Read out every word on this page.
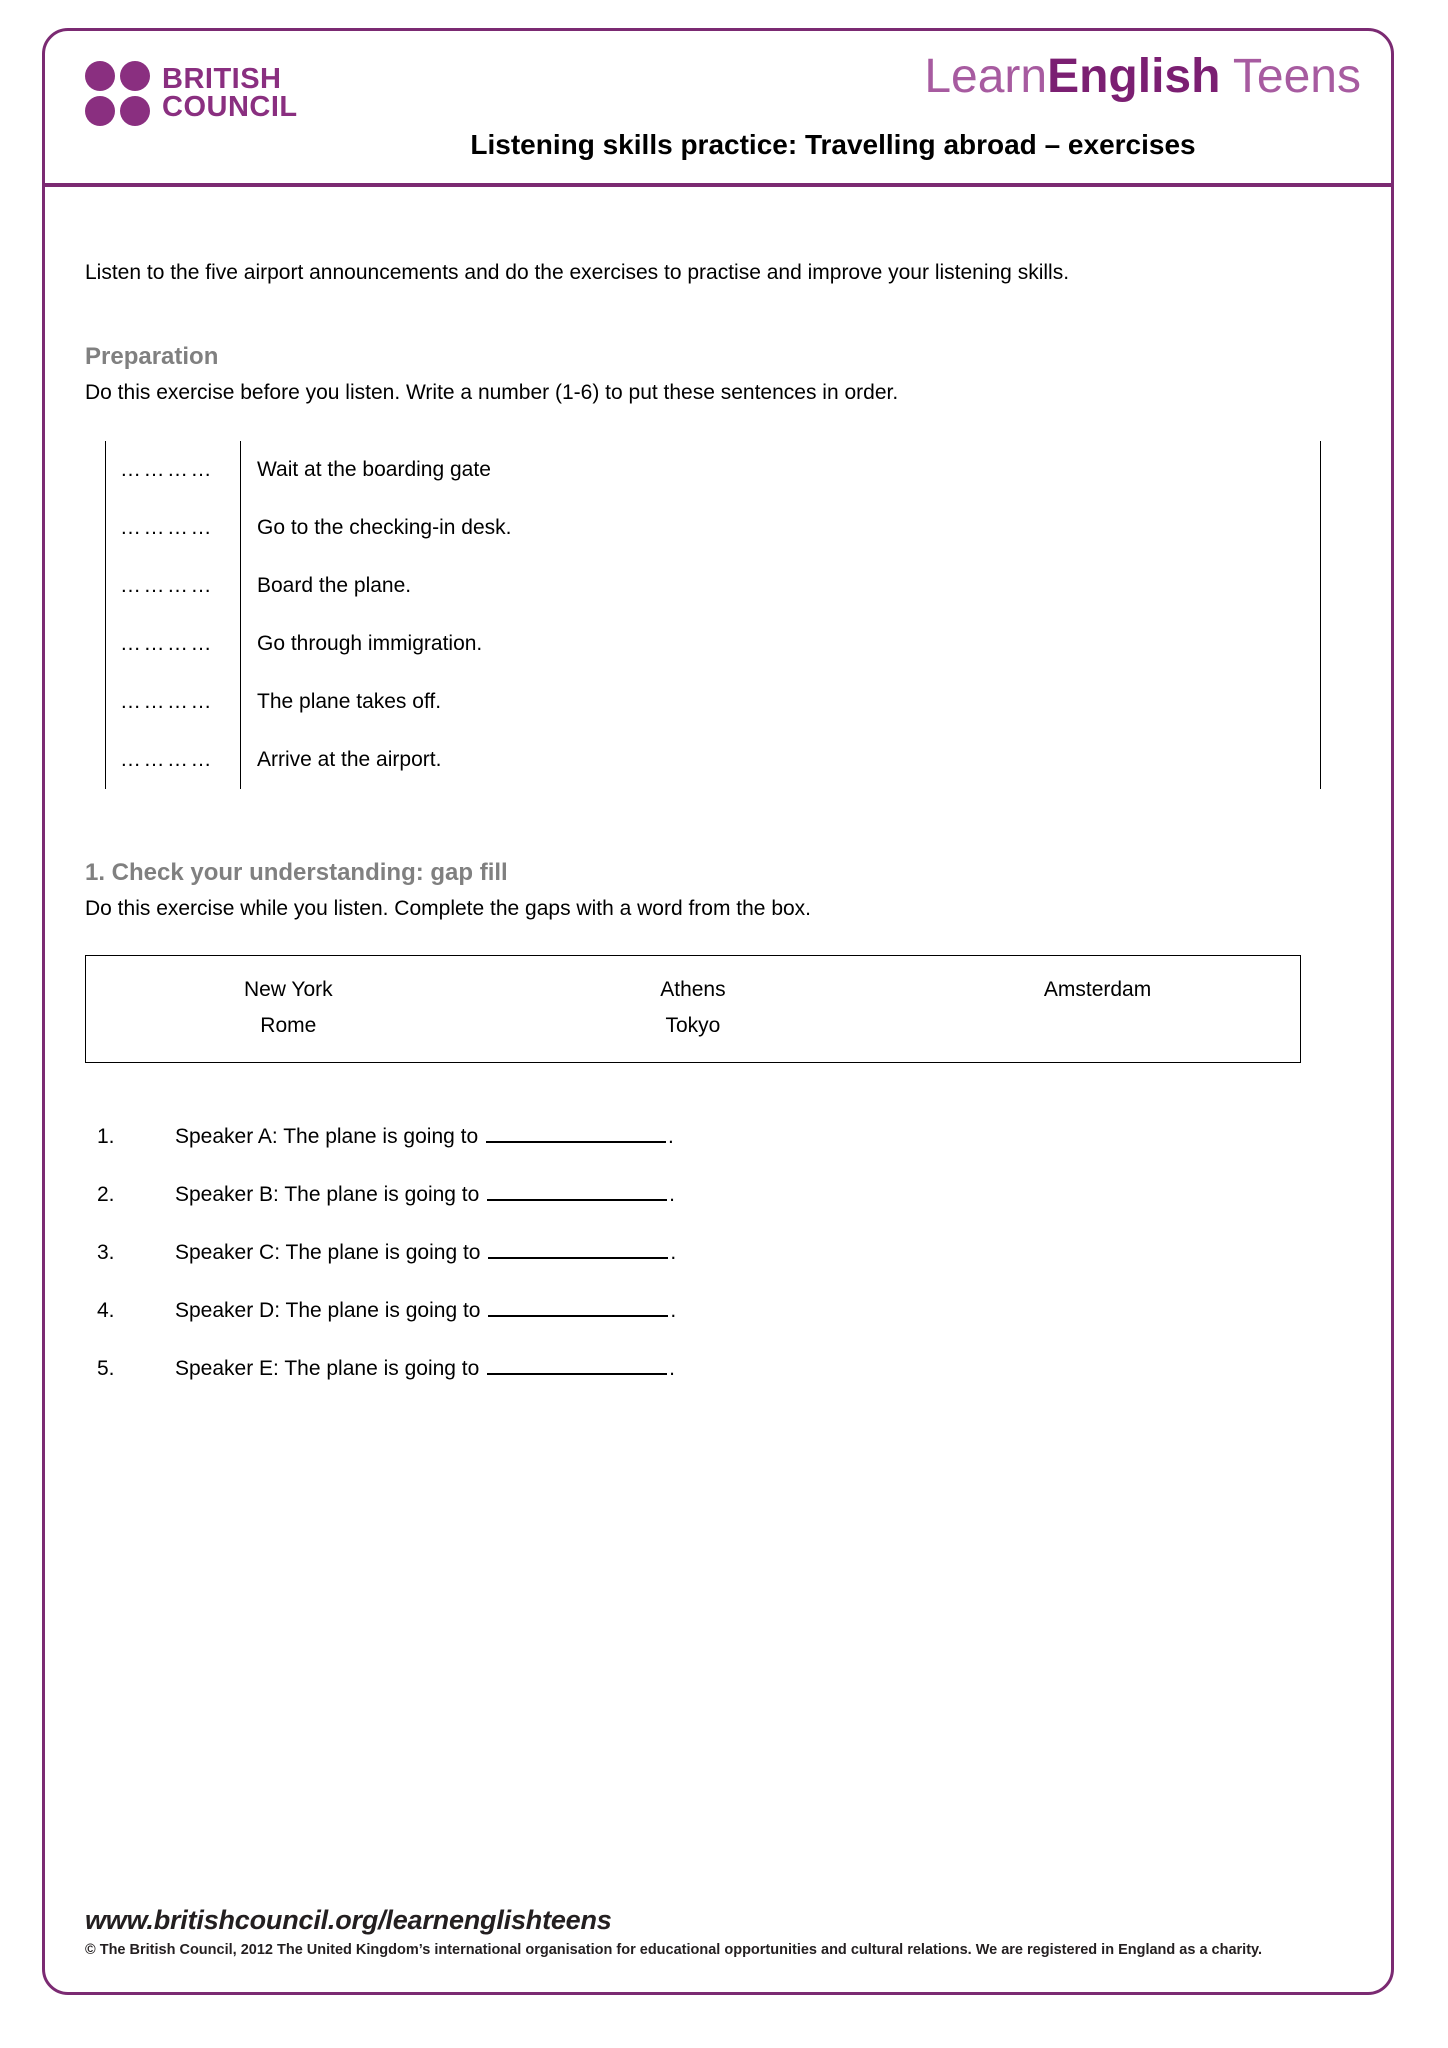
BRITISH
COUNCIL
LearnEnglish Teens
Listening skills practice: Travelling abroad – exercises
Listen to the five airport announcements and do the exercises to practise and improve your listening skills.
Preparation
Do this exercise before you listen. Write a number (1-6) to put these sentences in order.
…………	Wait at the boarding gate	
…………	Go to the checking-in desk.	
…………	Board the plane.	
…………	Go through immigration.	
…………	The plane takes off.	
…………	Arrive at the airport.	
1. Check your understanding: gap fill
Do this exercise while you listen. Complete the gaps with a word from the box.
New York	Athens	Amsterdam
Rome	Tokyo
1.	Speaker A: The plane is going to	.
2.	Speaker B: The plane is going to	.
3.	Speaker C: The plane is going to	.
4.	Speaker D: The plane is going to	.
5.	Speaker E: The plane is going to	.
www.britishcouncil.org/learnenglishteens
© The British Council, 2012 The United Kingdom’s international organisation for educational opportunities and cultural relations. We are registered in England as a charity.
